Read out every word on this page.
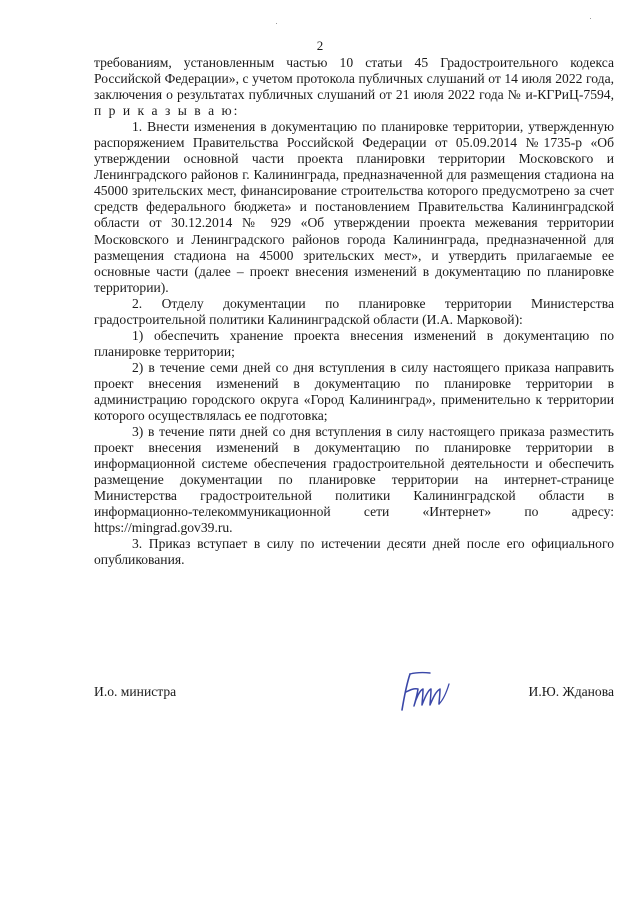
2

требованиям, установленным частью 10 статьи 45 Градостроительного кодекса Российской Федерации», с учетом протокола публичных слушаний от 14 июля 2022 года, заключения о результатах публичных слушаний от 21 июля 2022 года № и-КГРиЦ-7594, п р и к а з ы в а ю:

1. Внести изменения в документацию по планировке территории, утвержденную распоряжением Правительства Российской Федерации от 05.09.2014 №1735-р «Об утверждении основной части проекта планировки территории Московского и Ленинградского районов г. Калининграда, предназначенной для размещения стадиона на 45000 зрительских мест, финансирование строительства которого предусмотрено за счет средств федерального бюджета» и постановлением Правительства Калининградской области от 30.12.2014 № 929 «Об утверждении проекта межевания территории Московского и Ленинградского районов города Калининграда, предназначенной для размещения стадиона на 45000 зрительских мест», и утвердить прилагаемые ее основные части (далее – проект внесения изменений в документацию по планировке территории).

2. Отделу документации по планировке территории Министерства градостроительной политики Калининградской области (И.А. Марковой):

1) обеспечить хранение проекта внесения изменений в документацию по планировке территории;

2) в течение семи дней со дня вступления в силу настоящего приказа направить проект внесения изменений в документацию по планировке территории в администрацию городского округа «Город Калининград», применительно к территории которого осуществлялась ее подготовка;

3) в течение пяти дней со дня вступления в силу настоящего приказа разместить проект внесения изменений в документацию по планировке территории в информационной системе обеспечения градостроительной деятельности и обеспечить размещение документации по планировке территории на интернет-странице Министерства градостроительной политики Калининградской области в информационно-телекоммуникационной сети «Интернет» по адресу: https://mingrad.gov39.ru.

3. Приказ вступает в силу по истечении десяти дней после его официального опубликования.

И.о. министра	И.Ю. Жданова
